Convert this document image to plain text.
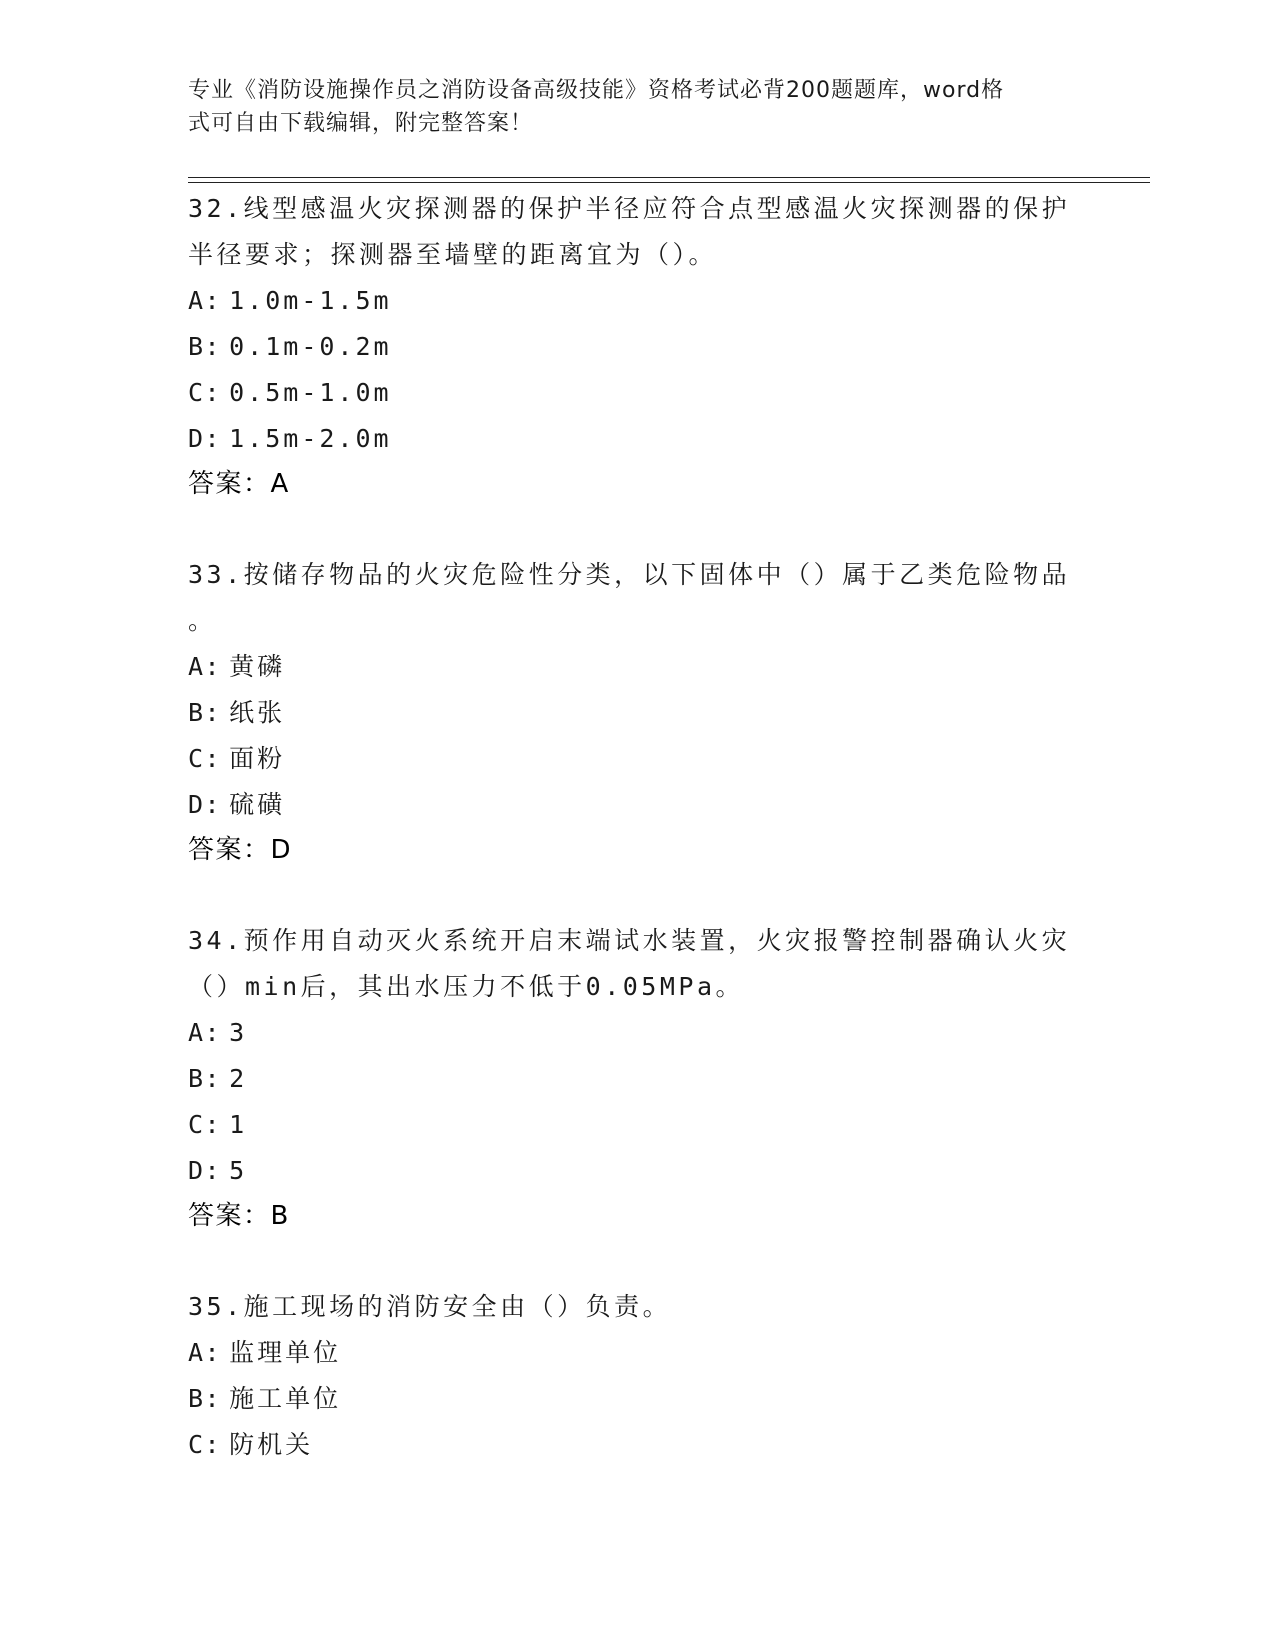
专业《消防设施操作员之消防设备高级技能》资格考试必背200题题库，word格
式可自由下载编辑，附完整答案！
32.线型感温火灾探测器的保护半径应符合点型感温火灾探测器的保护
半径要求；探测器至墙壁的距离宜为（）。
A: 1.0m-1.5m
B: 0.1m-0.2m
C: 0.5m-1.0m
D: 1.5m-2.0m
答案：A
33.按储存物品的火灾危险性分类，以下固体中（）属于乙类危险物品
。
A: 黄磷
B: 纸张
C: 面粉
D: 硫磺
答案：D
34.预作用自动灭火系统开启末端试水装置，火灾报警控制器确认火灾
（）min后，其出水压力不低于0.05MPa。
A: 3
B: 2
C: 1
D: 5
答案：B
35.施工现场的消防安全由（）负责。
A: 监理单位
B: 施工单位
C: 防机关
